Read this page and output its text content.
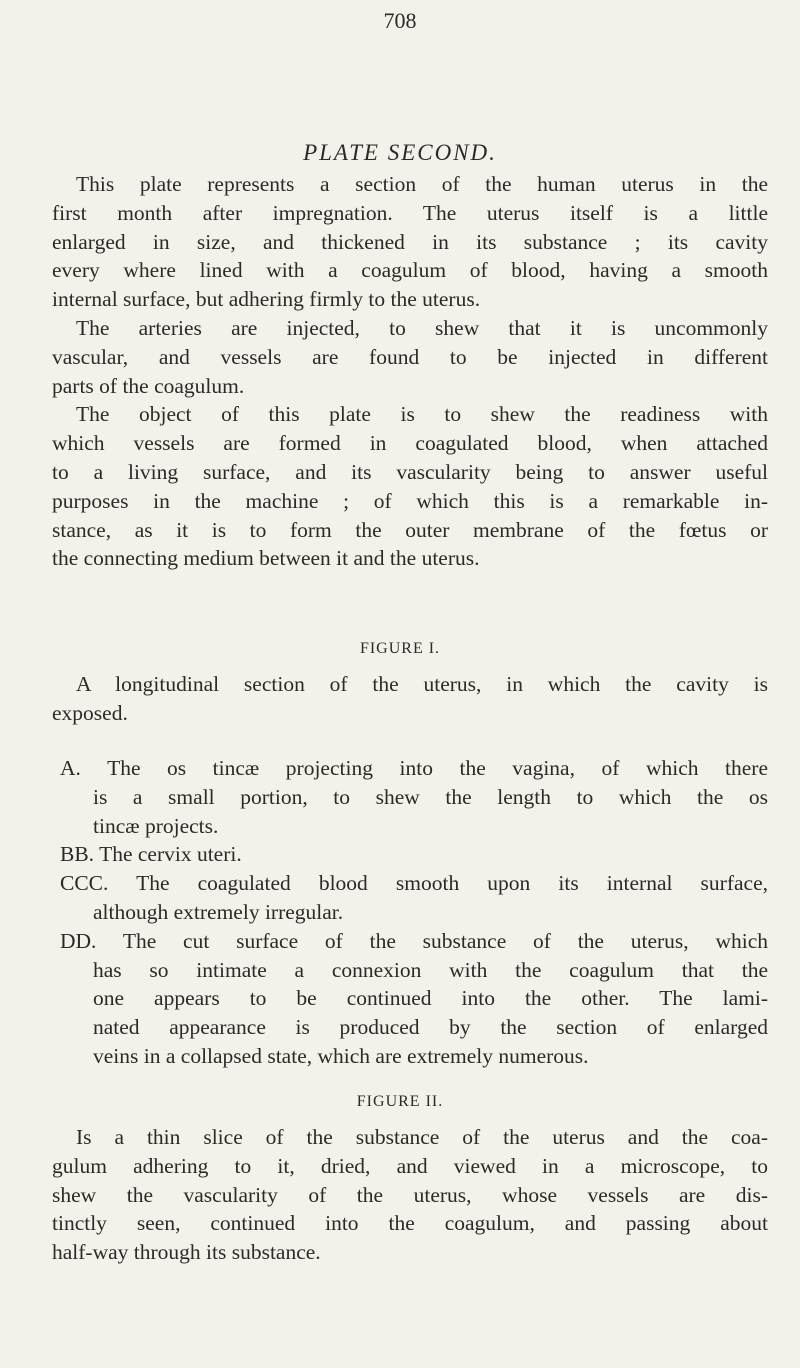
708
PLATE SECOND.
This plate represents a section of the human uterus in the
first month after impregnation. The uterus itself is a little
enlarged in size, and thickened in its substance ; its cavity
every where lined with a coagulum of blood, having a smooth
internal surface, but adhering firmly to the uterus.
The arteries are injected, to shew that it is uncommonly
vascular, and vessels are found to be injected in different
parts of the coagulum.
The object of this plate is to shew the readiness with
which vessels are formed in coagulated blood, when attached
to a living surface, and its vascularity being to answer useful
purposes in the machine ; of which this is a remarkable in-
stance, as it is to form the outer membrane of the fœtus or
the connecting medium between it and the uterus.
FIGURE I.
A longitudinal section of the uterus, in which the cavity is
exposed.
A. The os tincæ projecting into the vagina, of which there
is a small portion, to shew the length to which the os
tincæ projects.
BB. The cervix uteri.
CCC. The coagulated blood smooth upon its internal surface,
although extremely irregular.
DD. The cut surface of the substance of the uterus, which
has so intimate a connexion with the coagulum that the
one appears to be continued into the other. The lami-
nated appearance is produced by the section of enlarged
veins in a collapsed state, which are extremely numerous.
FIGURE II.
Is a thin slice of the substance of the uterus and the coa-
gulum adhering to it, dried, and viewed in a microscope, to
shew the vascularity of the uterus, whose vessels are dis-
tinctly seen, continued into the coagulum, and passing about
half-way through its substance.
